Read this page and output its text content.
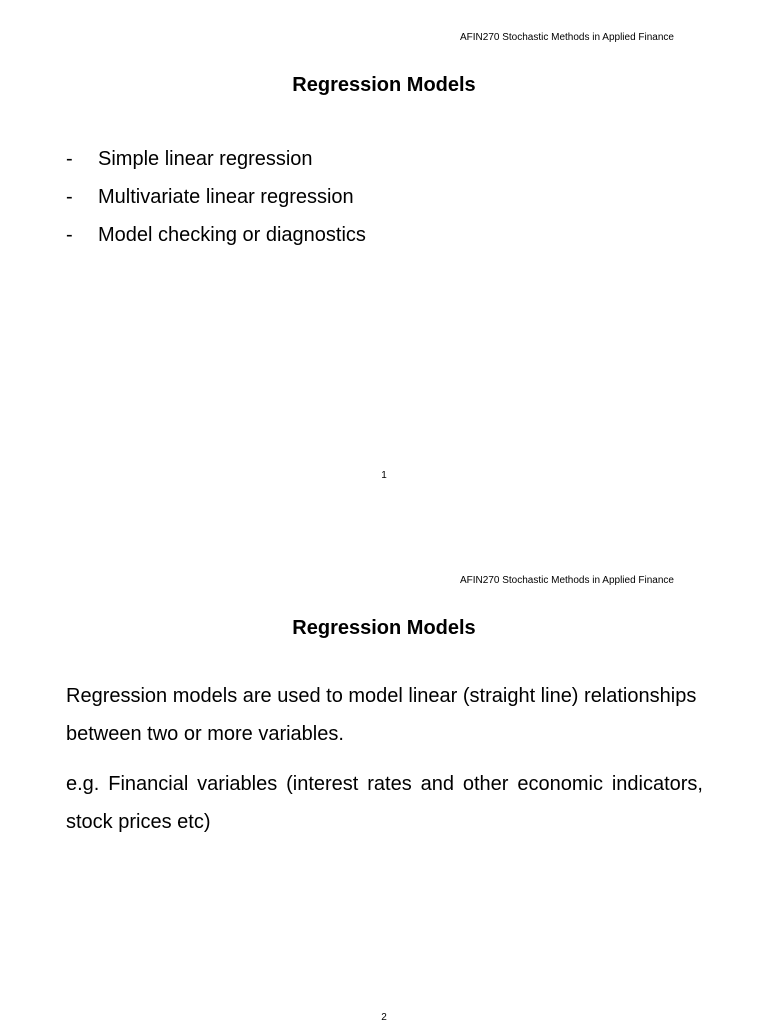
AFIN270 Stochastic Methods in Applied Finance
Regression Models
- Simple linear regression
- Multivariate linear regression
- Model checking or diagnostics
1
AFIN270 Stochastic Methods in Applied Finance
Regression Models

Regression models are used to model linear (straight line) relationships between two or more variables.

e.g. Financial variables (interest rates and other economic indicators, stock prices etc)

2
